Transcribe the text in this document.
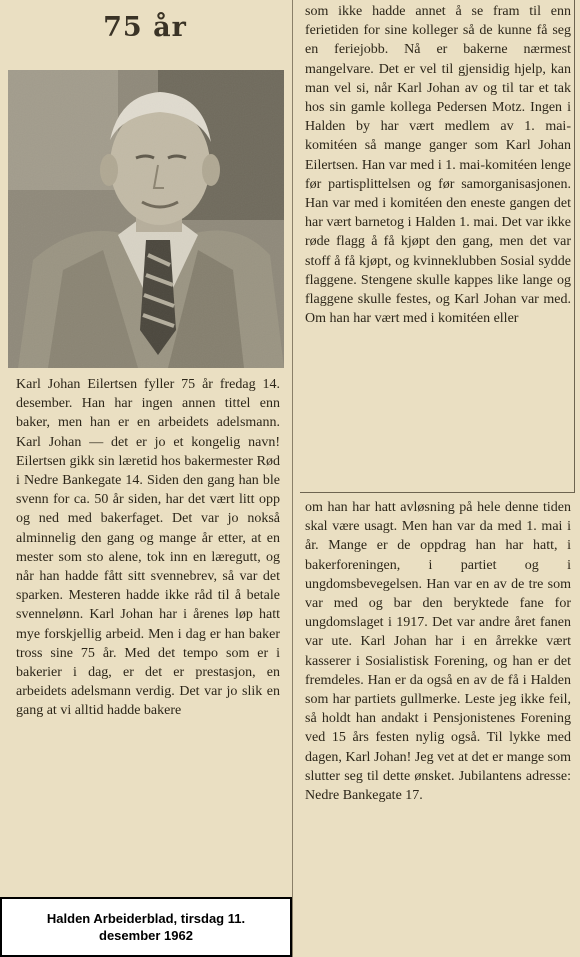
75 år

Karl Johan Eilertsen fyller 75 år fredag 14. desember. Han har ingen annen tittel enn baker, men han er en arbeidets adelsmann. Karl Johan — det er jo et kongelig navn! Eilertsen gikk sin læretid hos bakermester Rød i Nedre Bankegate 14. Siden den gang han ble svenn for ca. 50 år siden, har det vært litt opp og ned med bakerfaget. Det var jo nokså alminnelig den gang og mange år etter, at en mester som sto alene, tok inn en læregutt, og når han hadde fått sitt svennebrev, så var det sparken. Mesteren hadde ikke råd til å betale svennelønn. Karl Johan har i årenes løp hatt mye forskjellig arbeid. Men i dag er han baker tross sine 75 år. Med det tempo som er i bakerier i dag, er det er prestasjon, en arbeidets adelsmann verdig. Det var jo slik en gang at vi alltid hadde bakere

som ikke hadde annet å se fram til enn ferietiden for sine kolleger så de kunne få seg en feriejobb. Nå er bakerne nærmest mangelvare. Det er vel til gjensidig hjelp, kan man vel si, når Karl Johan av og til tar et tak hos sin gamle kollega Pedersen Motz. Ingen i Halden by har vært medlem av 1. mai-komitéen så mange ganger som Karl Johan Eilertsen. Han var med i 1. mai-komitéen lenge før partisplittelsen og før samorganisasjonen. Han var med i komitéen den eneste gangen det har vært barnetog i Halden 1. mai. Det var ikke røde flagg å få kjøpt den gang, men det var stoff å få kjøpt, og kvinneklubben Sosial sydde flaggene. Stengene skulle kappes like lange og flaggene skulle festes, og Karl Johan var med. Om han har vært med i komitéen eller

om han har hatt avløsning på hele denne tiden skal være usagt. Men han var da med 1. mai i år. Mange er de oppdrag han har hatt, i bakerforeningen, i partiet og i ungdomsbevegelsen. Han var en av de tre som var med og bar den beryktede fane for ungdomslaget i 1917. Det var andre året fanen var ute. Karl Johan har i en årrekke vært kasserer i Sosialistisk Forening, og han er det fremdeles. Han er da også en av de få i Halden som har partiets gullmerke. Leste jeg ikke feil, så holdt han andakt i Pensjonistenes Forening ved 15 års festen nylig også. Til lykke med dagen, Karl Johan! Jeg vet at det er mange som slutter seg til dette ønsket. Jubilantens adresse: Nedre Bankegate 17.

Halden Arbeiderblad, tirsdag 11. desember 1962
